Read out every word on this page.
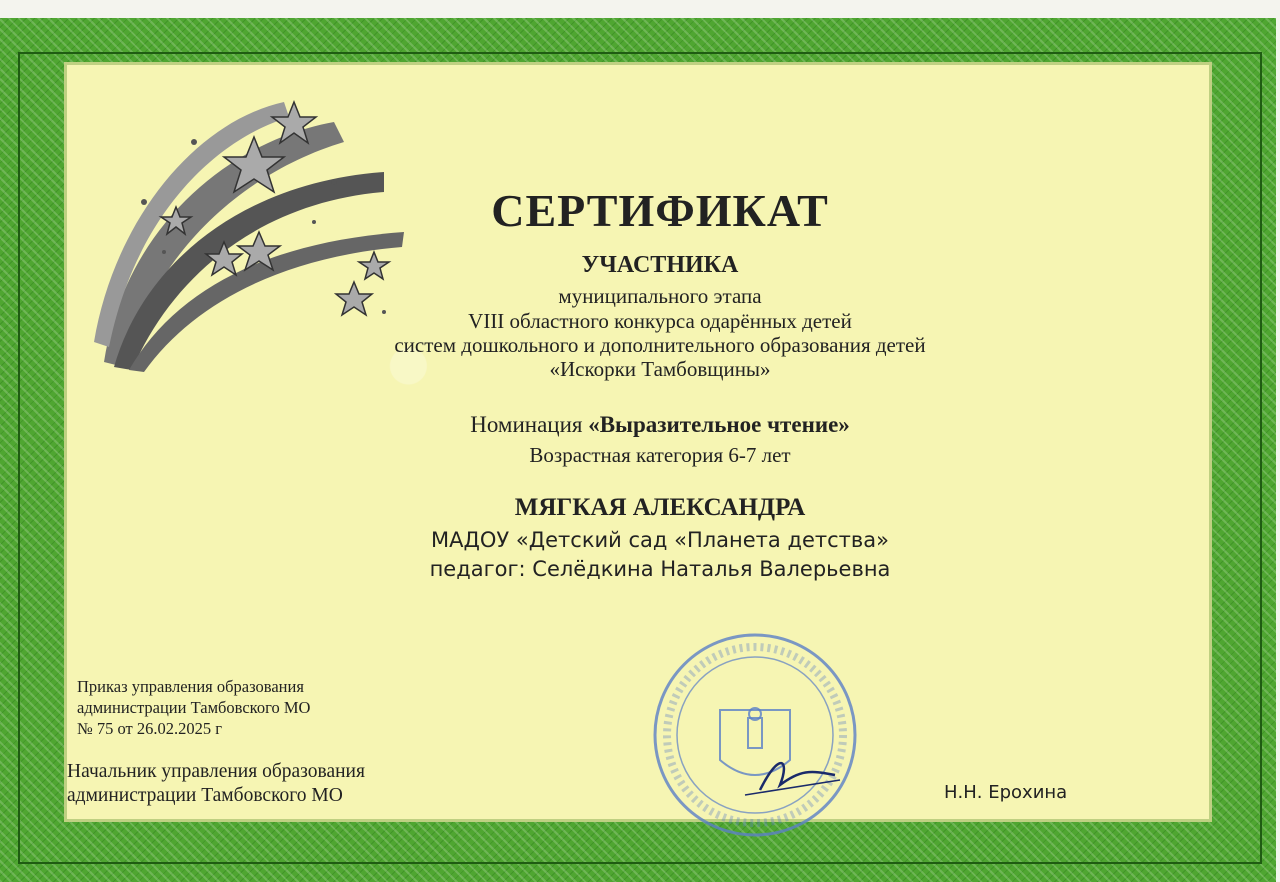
СЕРТИФИКАТ
УЧАСТНИКА
муниципального этапа
VIII областного конкурса одарённых детей
систем дошкольного и дополнительного образования детей
«Искорки Тамбовщины»
Номинация «Выразительное чтение»
Возрастная категория 6-7 лет
МЯГКАЯ АЛЕКСАНДРА
МАДОУ «Детский сад «Планета детства»
педагог: Селёдкина Наталья Валерьевна
Приказ управления образования
администрации Тамбовского МО
№ 75 от 26.02.2025 г
Начальник управления образования
администрации Тамбовского МО	Н.Н. Ерохина
